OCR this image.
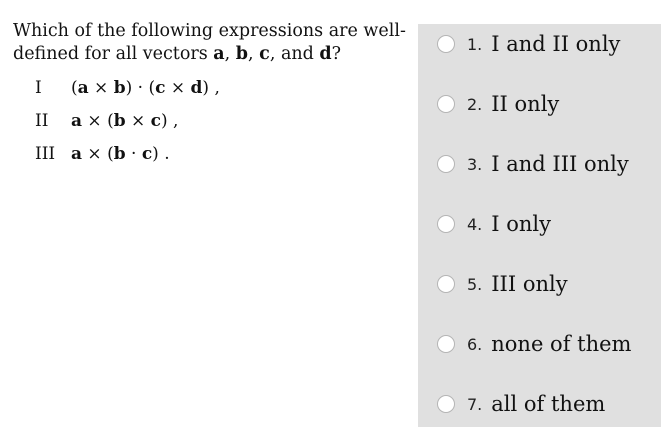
Which of the following expressions are well-
defined for all vectors a, b, c, and d?

I	(a × b) · (c × d) ,
II	a × (b × c) ,
III a × (b · c) .
1. I and II only
2. II only
3. I and III only
4. I only
5. III only
6. none of them
7. all of them
